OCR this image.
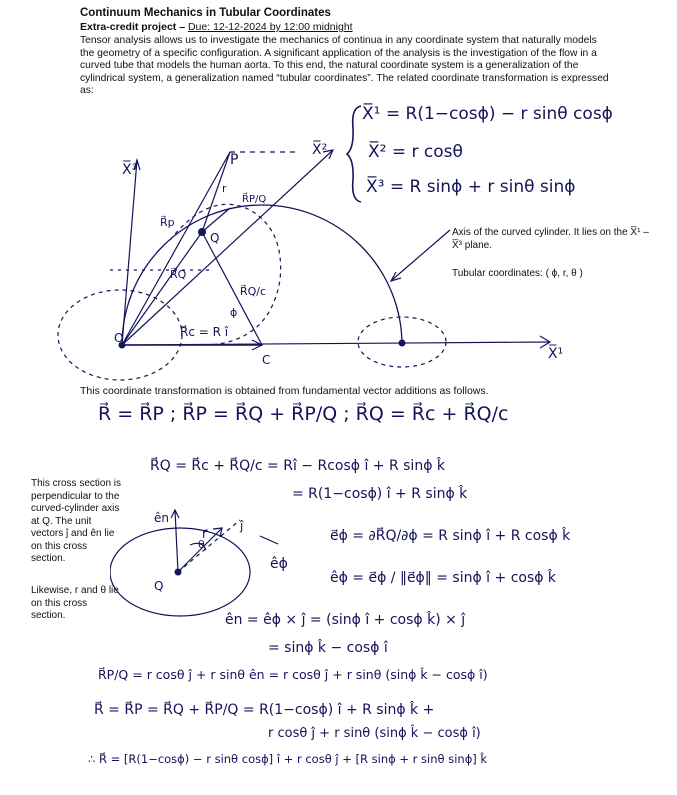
Continuum Mechanics in Tubular Coordinates
Extra-credit project – Due: 12-12-2024 by 12:00 midnight
Tensor analysis allows us to investigate the mechanics of continua in any coordinate system that naturally models the geometry of a specific configuration. A significant application of the analysis is the investigation of the flow in a curved tube that models the human aorta. To this end, the natural coordinate system is a generalization of the cylindrical system, a generalization named “tubular coordinates”. The related coordinate transformation is expressed as:
X̅¹ = R(1−cosϕ) − r sinθ cosϕ
X̅² = r cosθ
X̅³ = R sinϕ + r sinθ sinϕ
X̅³
X̅²
X̅¹
P
Q
O
C
r
R⃗p
R⃗Q
R⃗Q/c
R⃗c = R î
ϕ
R⃗P/Q
Axis of the curved cylinder. It lies on the X̅¹ – X̅³ plane.
Tubular coordinates: ( ϕ, r, θ )
This coordinate transformation is obtained from fundamental vector additions as follows.
R⃗ = R⃗P ; R⃗P = R⃗Q + R⃗P/Q ; R⃗Q = R⃗c + R⃗Q/c
This cross section is perpendicular to the curved-cylinder axis at Q. The unit vectors ĵ and ên lie on this cross section.
Likewise, r and θ lie on this cross section.
ên
r⃗
ĵ
θ
Q
êϕ
R⃗Q = R⃗c + R⃗Q/c = Rî − Rcosϕ î + R sinϕ k̂
= R(1−cosϕ) î + R sinϕ k̂
e⃗ϕ = ∂R⃗Q/∂ϕ = R sinϕ î + R cosϕ k̂
êϕ = e⃗ϕ / ‖e⃗ϕ‖ = sinϕ î + cosϕ k̂
ên = êϕ × ĵ = (sinϕ î + cosϕ k̂) × ĵ
= sinϕ k̂ − cosϕ î
R⃗P/Q = r cosθ ĵ + r sinθ ên = r cosθ ĵ + r sinθ (sinϕ k̂ − cosϕ î)
R⃗ = R⃗P = R⃗Q + R⃗P/Q = R(1−cosϕ) î + R sinϕ k̂ +
r cosθ ĵ + r sinθ (sinϕ k̂ − cosϕ î)
∴ R⃗ = [R(1−cosϕ) − r sinθ cosϕ] î + r cosθ ĵ + [R sinϕ + r sinθ sinϕ] k̂
